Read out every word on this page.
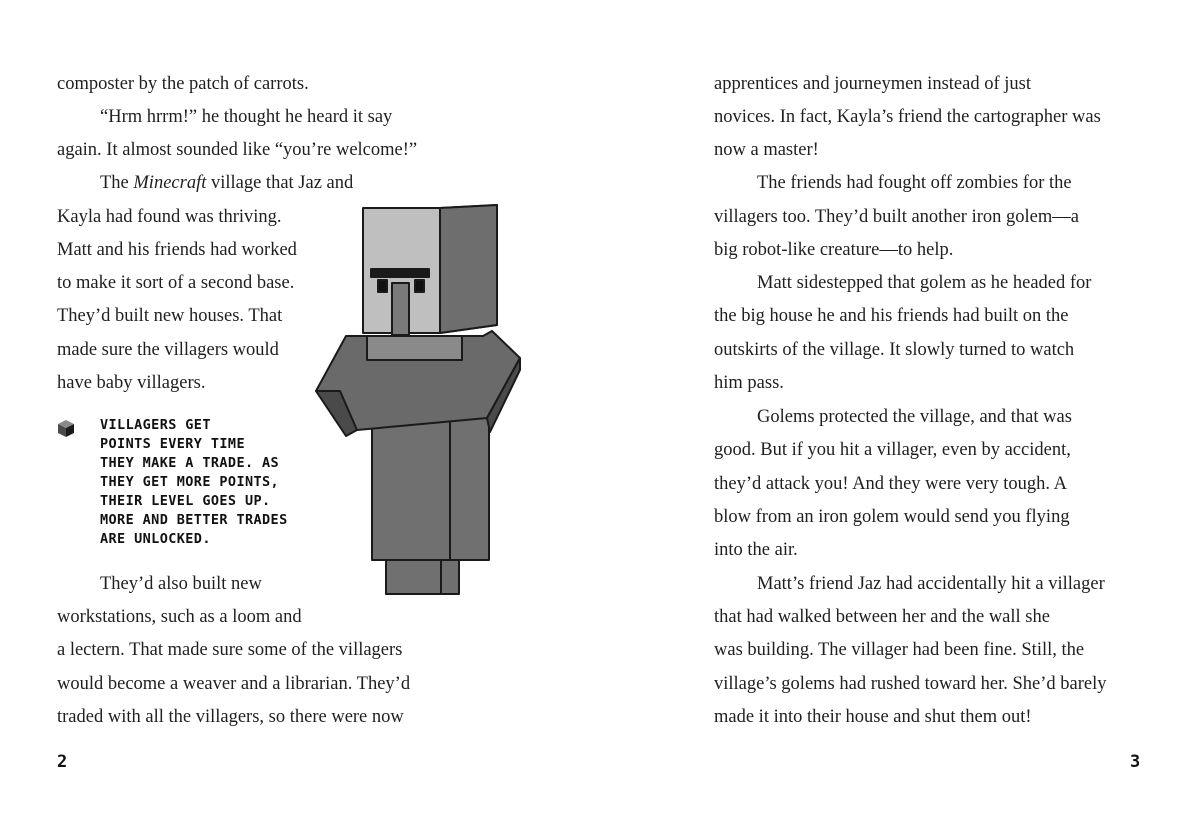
composter by the patch of carrots.
“Hrm hrrm!” he thought he heard it say
again. It almost sounded like “you’re welcome!”
The Minecraft village that Jaz and
Kayla had found was thriving.
Matt and his friends had worked
to make it sort of a second base.
They’d built new houses. That
made sure the villagers would
have baby villagers.
VILLAGERS GET
POINTS EVERY TIME
THEY MAKE A TRADE. AS
THEY GET MORE POINTS,
THEIR LEVEL GOES UP.
MORE AND BETTER TRADES
ARE UNLOCKED.
They’d also built new
workstations, such as a loom and
a lectern. That made sure some of the villagers
would become a weaver and a librarian. They’d
traded with all the villagers, so there were now
2
apprentices and journeymen instead of just
novices. In fact, Kayla’s friend the cartographer was
now a master!
The friends had fought off zombies for the
villagers too. They’d built another iron golem—a
big robot-like creature—to help.
Matt sidestepped that golem as he headed for
the big house he and his friends had built on the
outskirts of the village. It slowly turned to watch
him pass.
Golems protected the village, and that was
good. But if you hit a villager, even by accident,
they’d attack you! And they were very tough. A
blow from an iron golem would send you flying
into the air.
Matt’s friend Jaz had accidentally hit a villager
that had walked between her and the wall she
was building. The villager had been fine. Still, the
village’s golems had rushed toward her. She’d barely
made it into their house and shut them out!
3
